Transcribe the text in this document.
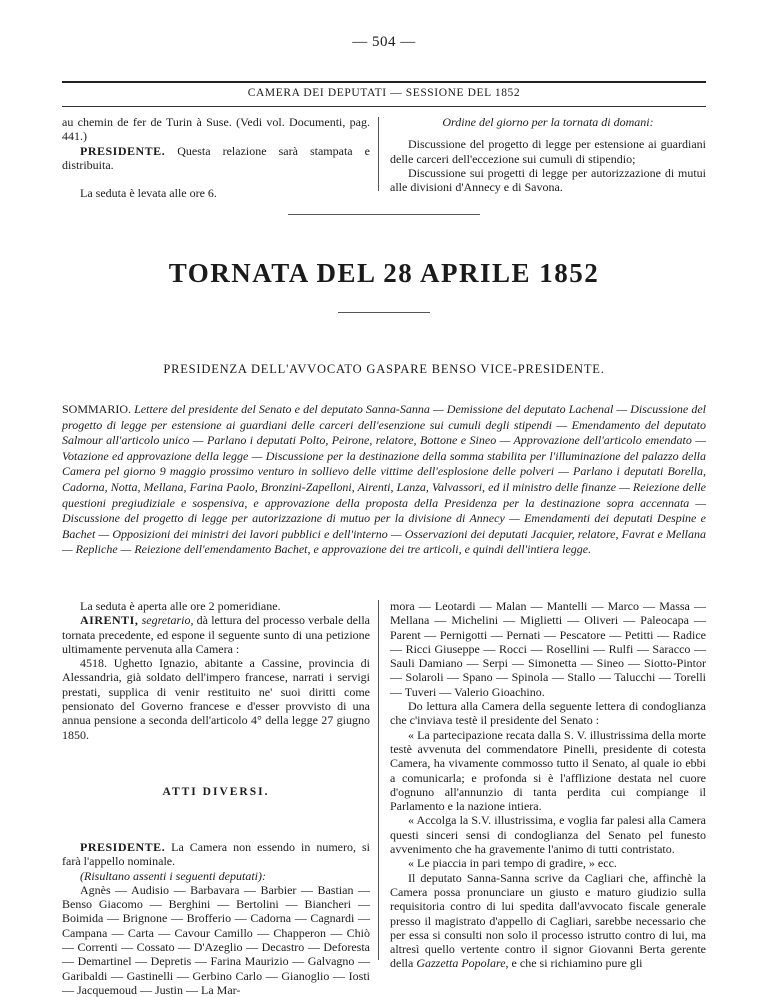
— 504 —
CAMERA DEI DEPUTATI — SESSIONE DEL 1852

au chemin de fer de Turin à Suse. (Vedi vol. Documenti, pag. 441.)

PRESIDENTE. Questa relazione sarà stampata e distribuita.

La seduta è levata alle ore 6.

Ordine del giorno per la tornata di domani:

Discussione del progetto di legge per estensione ai guardiani delle carceri dell'eccezione sui cumuli di stipendio;

Discussione sui progetti di legge per autorizzazione di mutui alle divisioni d'Annecy e di Savona.

TORNATA DEL 28 APRILE 1852
PRESIDENZA DELL'AVVOCATO GASPARE BENSO VICE-PRESIDENTE.
SOMMARIO. Lettere del presidente del Senato e del deputato Sanna-Sanna — Demissione del deputato Lachenal — Discussione del progetto di legge per estensione ai guardiani delle carceri dell'esenzione sui cumuli degli stipendi — Emendamento del deputato Salmour all'articolo unico — Parlano i deputati Polto, Peirone, relatore, Bottone e Sineo — Approvazione dell'articolo emendato — Votazione ed approvazione della legge — Discussione per la destinazione della somma stabilita per l'illuminazione del palazzo della Camera pel giorno 9 maggio prossimo venturo in sollievo delle vittime dell'esplosione delle polveri — Parlano i deputati Borella, Cadorna, Notta, Mellana, Farina Paolo, Bronzini-Zapelloni, Airenti, Lanza, Valvassori, ed il ministro delle finanze — Reiezione delle questioni pregiudiziale e sospensiva, e approvazione della proposta della Presidenza per la destinazione sopra accennata — Discussione del progetto di legge per autorizzazione di mutuo per la divisione di Annecy — Emendamenti dei deputati Despine e Bachet — Opposizioni dei ministri dei lavori pubblici e dell'interno — Osservazioni dei deputati Jacquier, relatore, Favrat e Mellana — Repliche — Reiezione dell'emendamento Bachet, e approvazione dei tre articoli, e quindi dell'intiera legge.

La seduta è aperta alle ore 2 pomeridiane.

AIRENTI, segretario, dà lettura del processo verbale della tornata precedente, ed espone il seguente sunto di una petizione ultimamente pervenuta alla Camera :

4518. Ughetto Ignazio, abitante a Cassine, provincia di Alessandria, già soldato dell'impero francese, narrati i servigi prestati, supplica di venir restituito ne' suoi diritti come pensionato del Governo francese e d'esser provvisto di una annua pensione a seconda dell'articolo 4° della legge 27 giugno 1850.

ATTI DIVERSI.

PRESIDENTE. La Camera non essendo in numero, si farà l'appello nominale.

(Risultano assenti i seguenti deputati):

Agnès — Audisio — Barbavara — Barbier — Bastian — Benso Giacomo — Berghini — Bertolini — Biancheri — Boimida — Brignone — Brofferio — Cadorna — Cagnardi — Campana — Carta — Cavour Camillo — Chapperon — Chiò — Correnti — Cossato — D'Azeglio — Decastro — Deforesta — Demartinel — Depretis — Farina Maurizio — Galvagno — Garibaldi — Gastinelli — Gerbino Carlo — Gianoglio — Iosti — Jacquemoud — Justin — La Mar-

mora — Leotardi — Malan — Mantelli — Marco — Massa — Mellana — Michelini — Miglietti — Oliveri — Paleocapa — Parent — Pernigotti — Pernati — Pescatore — Petitti — Radice — Ricci Giuseppe — Rocci — Rosellini — Rulfi — Saracco — Sauli Damiano — Serpi — Simonetta — Sineo — Siotto-Pintor — Solaroli — Spano — Spinola — Stallo — Talucchi — Torelli — Tuveri — Valerio Gioachino.

Do lettura alla Camera della seguente lettera di condoglianza che c'inviava testè il presidente del Senato :

« La partecipazione recata dalla S. V. illustrissima della morte testè avvenuta del commendatore Pinelli, presidente di cotesta Camera, ha vivamente commosso tutto il Senato, al quale io ebbi a comunicarla; e profonda si è l'afflizione destata nel cuore d'ognuno all'annunzio di tanta perdita cui compiange il Parlamento e la nazione intiera.

« Accolga la S.V. illustrissima, e voglia far palesi alla Camera questi sinceri sensi di condoglianza del Senato pel funesto avvenimento che ha gravemente l'animo di tutti contristato.

« Le piaccia in pari tempo di gradire, » ecc.

Il deputato Sanna-Sanna scrive da Cagliari che, affinchè la Camera possa pronunciare un giusto e maturo giudizio sulla requisitoria contro di lui spedita dall'avvocato fiscale generale presso il magistrato d'appello di Cagliari, sarebbe necessario che per essa si consulti non solo il processo istrutto contro di lui, ma altresì quello vertente contro il signor Giovanni Berta gerente della Gazzetta Popolare, e che si richiamino pure gli
